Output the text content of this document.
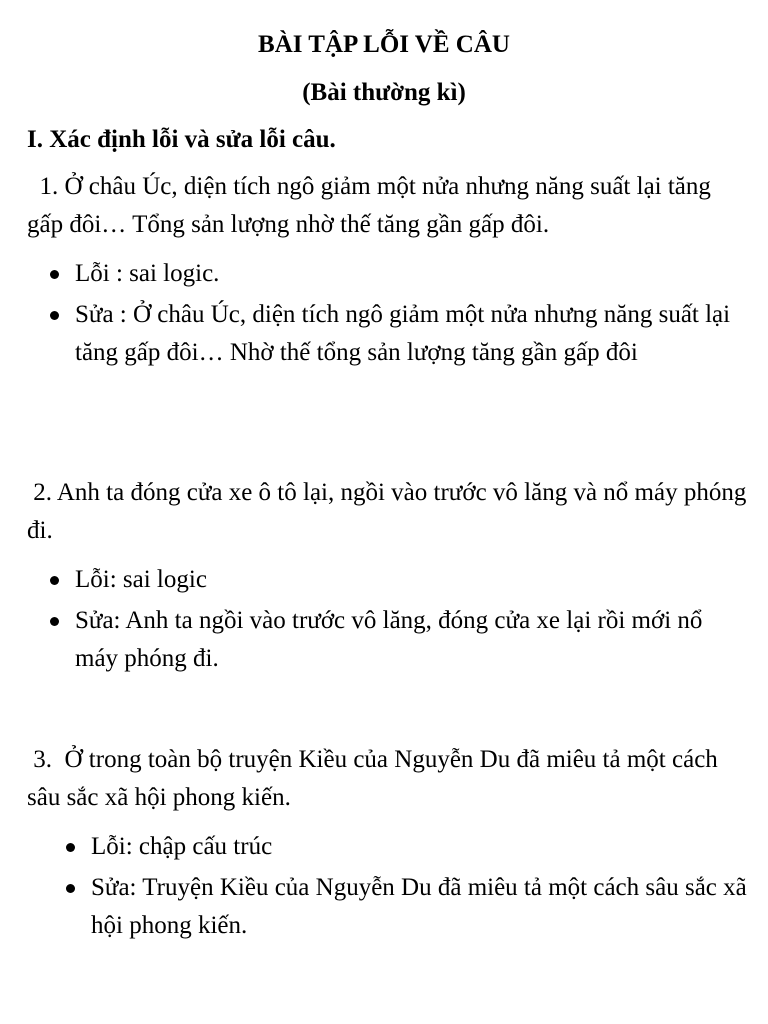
BÀI TẬP LỖI VỀ CÂU
(Bài thường kì)
I. Xác định lỗi và sửa lỗi câu.

1. Ở châu Úc, diện tích ngô giảm một nửa nhưng năng suất lại tăng gấp đôi… Tổng sản lượng nhờ thế tăng gần gấp đôi.

Lỗi : sai logic.
Sửa : Ở châu Úc, diện tích ngô giảm một nửa nhưng năng suất lại tăng gấp đôi… Nhờ thế tổng sản lượng tăng gần gấp đôi

2. Anh ta đóng cửa xe ô tô lại, ngồi vào trước vô lăng và nổ máy phóng đi.

Lỗi: sai logic
Sửa: Anh ta ngồi vào trước vô lăng, đóng cửa xe lại rồi mới nổ máy phóng đi.

3.  Ở trong toàn bộ truyện Kiều của Nguyễn Du đã miêu tả một cách sâu sắc xã hội phong kiến.

Lỗi: chập cấu trúc
Sửa: Truyện Kiều của Nguyễn Du đã miêu tả một cách sâu sắc xã hội phong kiến.
